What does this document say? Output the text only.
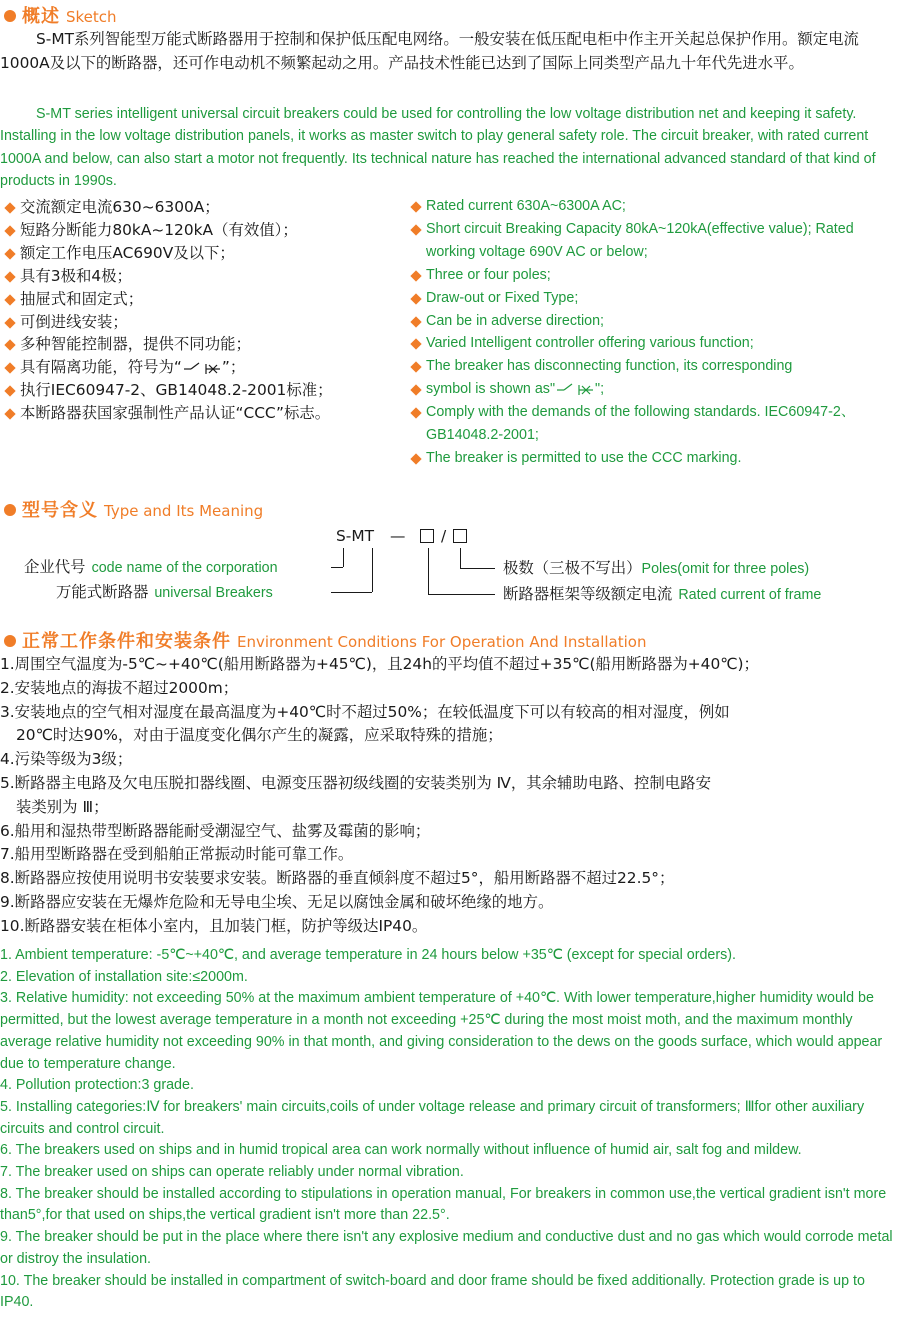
概述 Sketch

S-MT系列智能型万能式断路器用于控制和保护低压配电网络。一般安装在低压配电柜中作主开关起总保护作用。额定电流1000A及以下的断路器，还可作电动机不频繁起动之用。产品技术性能已达到了国际上同类型产品九十年代先进水平。

S-MT series intelligent universal circuit breakers could be used for controlling the low voltage distribution net and keeping it safety. Installing in the low voltage distribution panels, it works as master switch to play general safety role. The circuit breaker, with rated current 1000A and below, can also start a motor not frequently. Its technical nature has reached the international advanced standard of that kind of products in 1990s.

交流额定电流630~6300A；
短路分断能力80kA~120kA（有效值）；
额定工作电压AC690V及以下；
具有3极和4极；
抽屉式和固定式；
可倒进线安装；
多种智能控制器，提供不同功能；
具有隔离功能，符号为“	”；
执行IEC60947-2、GB14048.2-2001标准；
本断路器获国家强制性产品认证“CCC”标志。
Rated current 630A~6300A AC;
Short circuit Breaking Capacity 80kA~120kA(effective value); Rated working voltage 690V AC or below;
Three or four poles;
Draw-out or Fixed Type;
Can be in adverse direction;
Varied Intelligent controller offering various function;
The breaker has disconnecting function, its corresponding
symbol is shown as"	";
Comply with the demands of the following standards. IEC60947-2、GB14048.2-2001;
The breaker is permitted to use the CCC marking.
型号含义 Type and Its Meaning
S-MT — /
企业代号 code name of the corporation
万能式断路器 universal Breakers
极数（三极不写出）Poles(omit for three poles)
断路器框架等级额定电流 Rated current of frame
正常工作条件和安装条件 Environment Conditions For Operation And Installation
1.周围空气温度为-5℃~+40℃(船用断路器为+45℃)，且24h的平均值不超过+35℃(船用断路器为+40℃)；
2.安装地点的海拔不超过2000m；
3.安装地点的空气相对湿度在最高温度为+40℃时不超过50%；在较低温度下可以有较高的相对湿度，例如
20℃时达90%，对由于温度变化偶尔产生的凝露，应采取特殊的措施；
4.污染等级为3级；
5.断路器主电路及欠电压脱扣器线圈、电源变压器初级线圈的安装类别为 Ⅳ，其余辅助电路、控制电路安
装类别为 Ⅲ；
6.船用和湿热带型断路器能耐受潮湿空气、盐雾及霉菌的影响；
7.船用型断路器在受到船舶正常振动时能可靠工作。
8.断路器应按使用说明书安装要求安装。断路器的垂直倾斜度不超过5°，船用断路器不超过22.5°；
9.断路器应安装在无爆炸危险和无导电尘埃、无足以腐蚀金属和破坏绝缘的地方。
10.断路器安装在柜体小室内，且加装门框，防护等级达IP40。
1. Ambient temperature: -5℃~+40℃, and average temperature in 24 hours below +35℃ (except for special orders).
2. Elevation of installation site:≤2000m.
3. Relative humidity: not exceeding 50% at the maximum ambient temperature of +40℃. With lower temperature,higher humidity would be permitted, but the lowest average temperature in a month not exceeding +25℃ during the most moist moth, and the maximum monthly average relative humidity not exceeding 90% in that month, and giving consideration to the dews on the goods surface, which would appear due to temperature change.
4. Pollution protection:3 grade.
5. Installing categories:Ⅳ for breakers' main circuits,coils of under voltage release and primary circuit of transformers; Ⅲfor other auxiliary circuits and control circuit.
6. The breakers used on ships and in humid tropical area can work normally without influence of humid air, salt fog and mildew.
7. The breaker used on ships can operate reliably under normal vibration.
8. The breaker should be installed according to stipulations in operation manual, For breakers in common use,the vertical gradient isn't more than5°,for that used on ships,the vertical gradient isn't more than 22.5°.
9. The breaker should be put in the place where there isn't any explosive medium and conductive dust and no gas which would corrode metal or distroy the insulation.
10. The breaker should be installed in compartment of switch-board and door frame should be fixed additionally. Protection grade is up to IP40.
